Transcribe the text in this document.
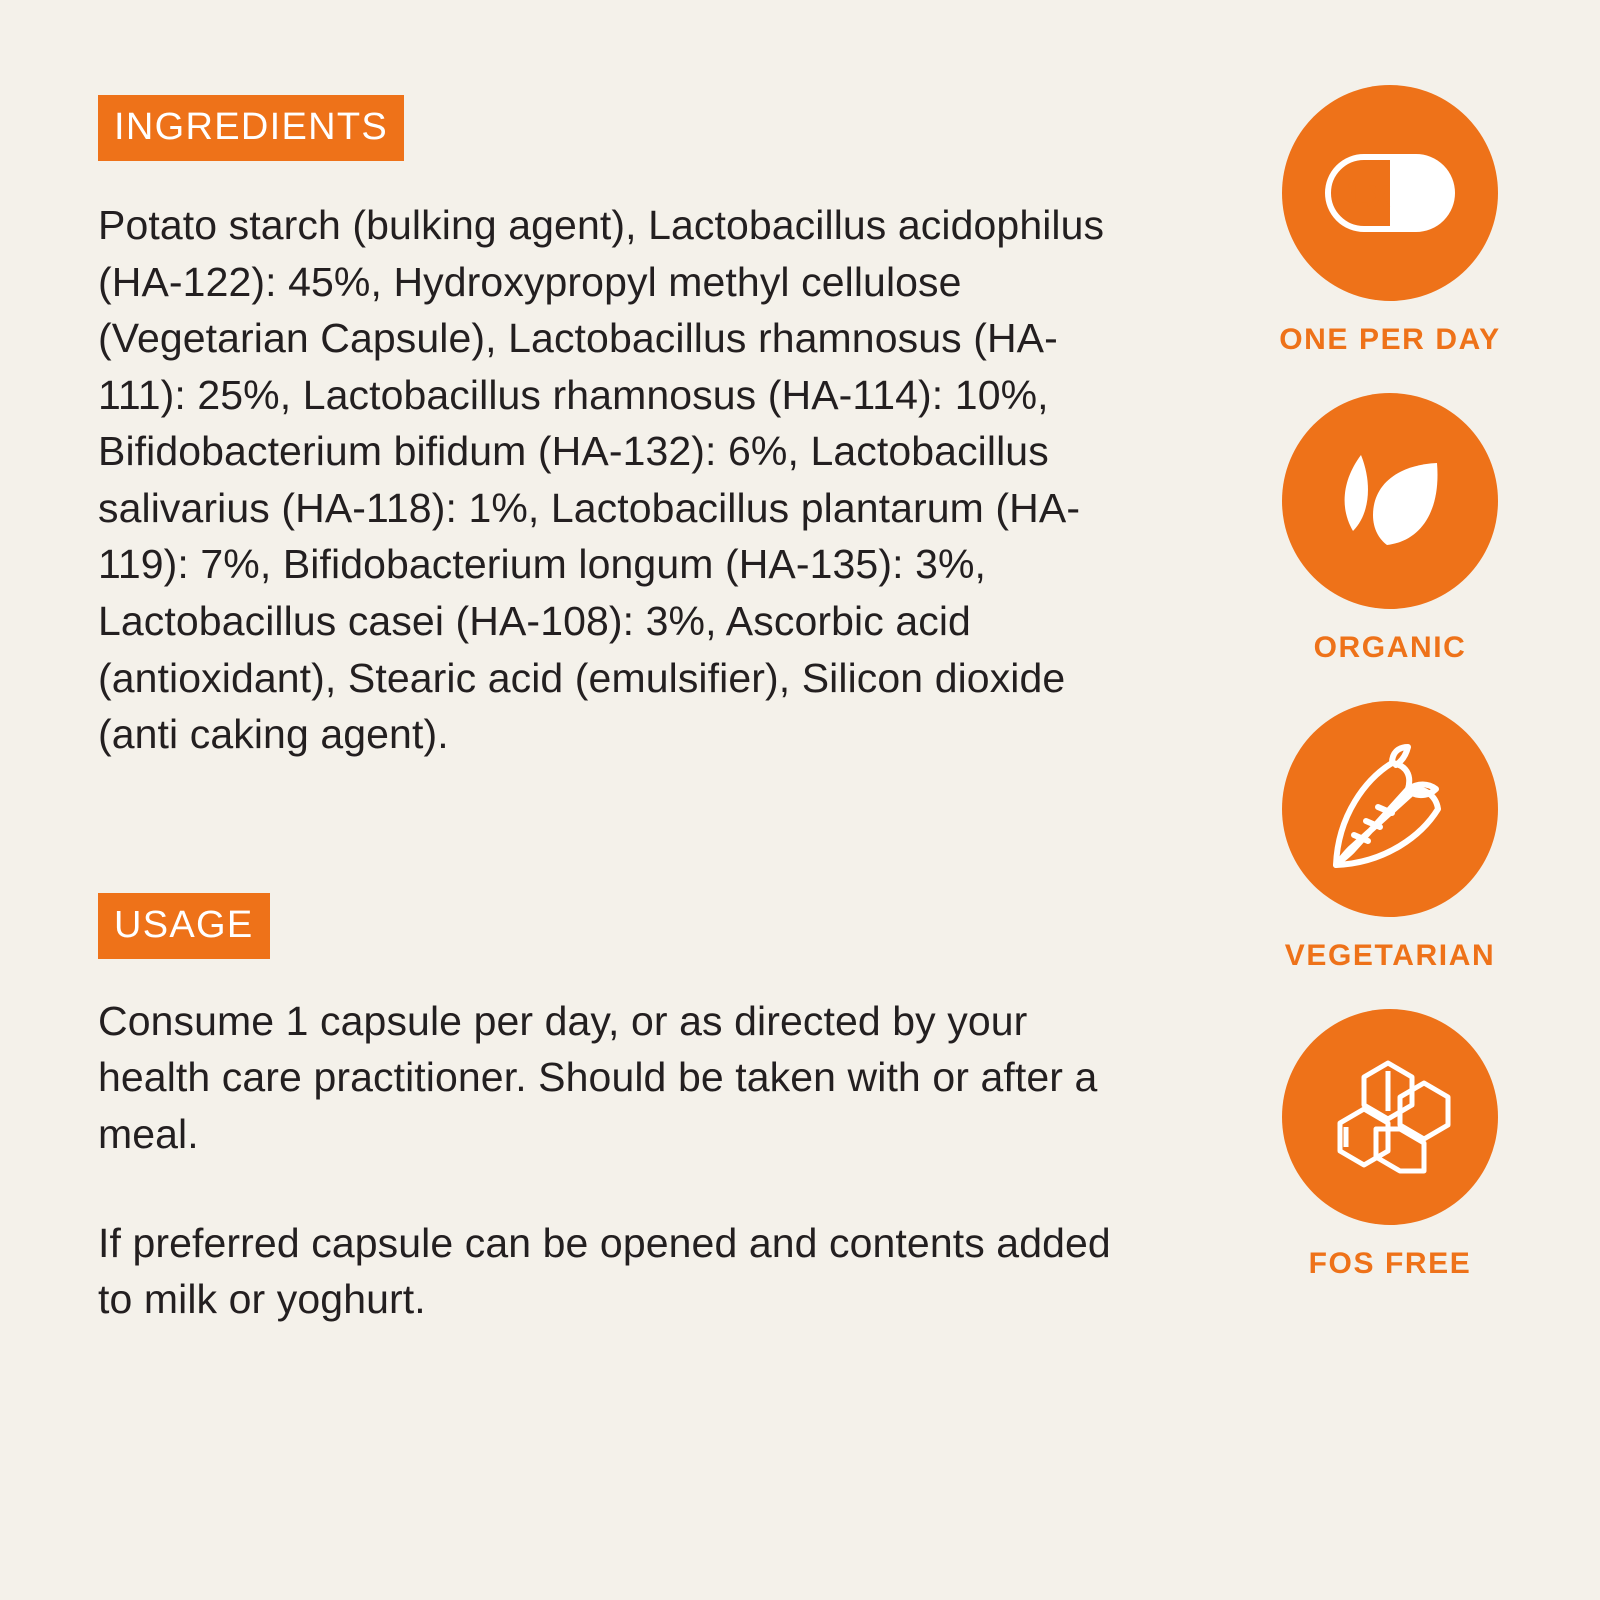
INGREDIENTS

Potato starch (bulking agent), Lactobacillus acidophilus (HA-122): 45%, Hydroxypropyl methyl cellulose (Vegetarian Capsule), Lactobacillus rhamnosus (HA-111): 25%, Lactobacillus rhamnosus (HA-114): 10%, Bifidobacterium bifidum (HA-132): 6%, Lactobacillus salivarius (HA-118): 1%, Lactobacillus plantarum (HA-119): 7%, Bifidobacterium longum (HA-135): 3%, Lactobacillus casei (HA-108): 3%, Ascorbic acid (antioxidant), Stearic acid (emulsifier), Silicon dioxide (anti caking agent).

USAGE

Consume 1 capsule per day, or as directed by your health care practitioner. Should be taken with or after a meal.

If preferred capsule can be opened and contents added to milk or yoghurt.

1x
ONE PER DAY
ORGANIC
VEGETARIAN
FOS FREE
